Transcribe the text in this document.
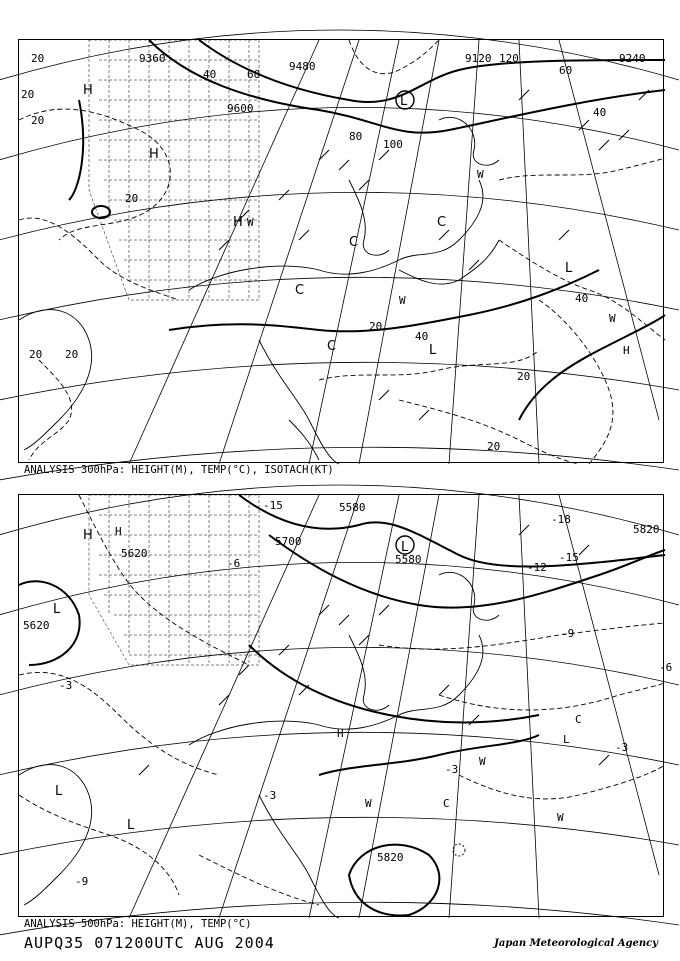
9600
9480
9360	9120	9240
20
20
20
20
40	60
80
100
120
40
60
20 20
40
20
20
20
40
H
H
H
L
L
L
C
C
C
C
W
W
W
W
H
ANALYSIS 300hPa: HEIGHT(M), TEMP(°C), ISOTACH(KT)
5580
5700
5580
5820
5620
5620
5820
-15
-15
-18
-12
-9
-6
-3
-3
-3
-3
-6
-9
H
L
L
L
L
H	L
C
C
W
W
W
H
ANALYSIS 500hPa: HEIGHT(M), TEMP(°C)
AUPQ35 071200UTC AUG 2004	Japan Meteorological Agency
